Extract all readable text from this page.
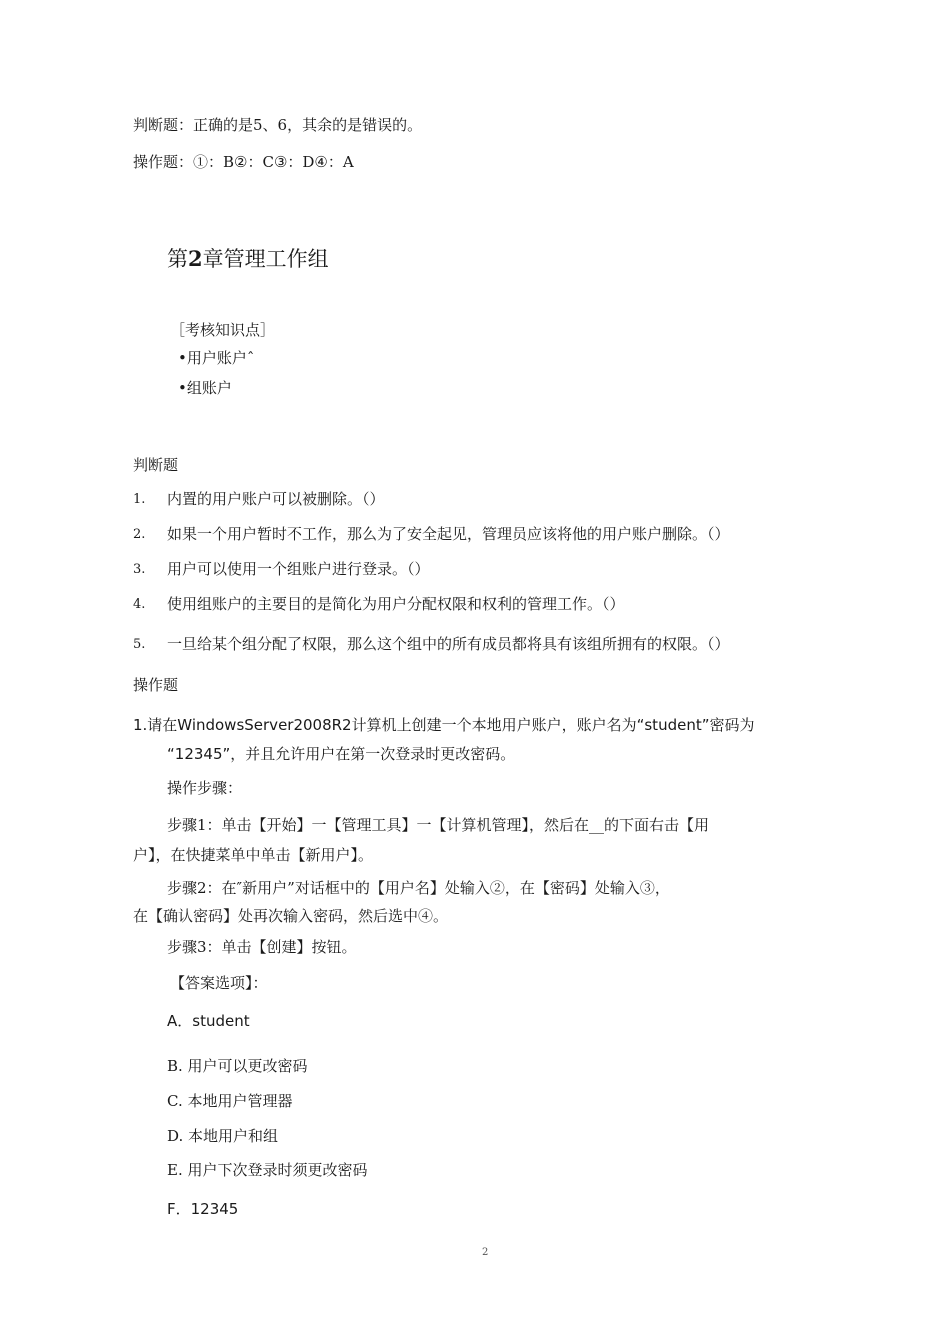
判断题：正确的是5、6，其余的是错误的。
操作题：①：B②：C③：D④：A
第2章管理工作组
［考核知识点］
•用户账户ˆ
•组账户
判断题
1. 内置的用户账户可以被删除。（）
2. 如果一个用户暂时不工作，那么为了安全起见，管理员应该将他的用户账户删除。（）
3. 用户可以使用一个组账户进行登录。（）
4. 使用组账户的主要目的是简化为用户分配权限和权利的管理工作。（）
5. 一旦给某个组分配了权限，那么这个组中的所有成员都将具有该组所拥有的权限。（）
操作题
1.请在WindowsServer2008R2计算机上创建一个本地用户账户，账户名为“student”密码为
“12345”，并且允许用户在第一次登录时更改密码。
操作步骤：
步骤1：单击【开始】一【管理工具】一【计算机管理】，然后在__的下面右击【用
户】，在快捷菜单中单击【新用户】。
步骤2：在″新用户”对话框中的【用户名】处输入②，在【密码】处输入③，
在【确认密码】处再次输入密码，然后选中④。
步骤3：单击【创建】按钮。
【答案选项】：
A．student
B. 用户可以更改密码
C. 本地用户管理器
D. 本地用户和组
E. 用户下次登录时须更改密码
F．12345
2
